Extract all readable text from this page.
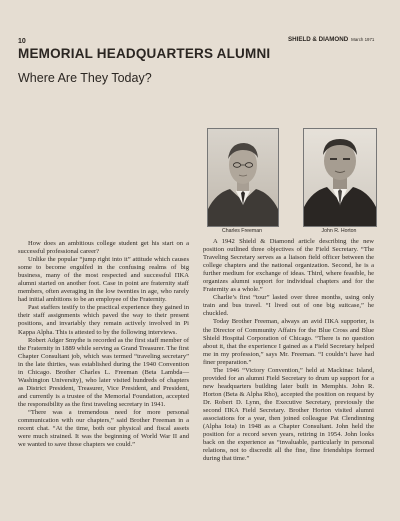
10	SHIELD & DIAMOND March 1971
MEMORIAL HEADQUARTERS ALUMNI
Where Are They Today?
Charles Freeman	John R. Horton

How does an ambitious college student get his start on a successful professional career?

Unlike the popular “jump right into it” attitude which causes some to become engulfed in the confusing realms of big business, many of the most respected and successful ΠKA alumni started on another foot. Case in point are fraternity staff members, often averaging in the low twenties in age, who rarely had initial ambitions to be an employee of the Fraternity.

Past staffers testify to the practical experience they gained in their staff assignments which paved the way to their present positions, and invariably they remain actively involved in Pi Kappa Alpha. This is attested to by the following interviews.

Robert Adger Smythe is recorded as the first staff member of the Fraternity in 1889 while serving as Grand Treasurer. The first Chapter Consultant job, which was termed “traveling secretary” in the late thirties, was established during the 1940 Convention in Chicago. Brother Charles L. Freeman (Beta Lambda—Washington University), who later visited hundreds of chapters as District President, Treasurer, Vice President, and President, and currently is a trustee of the Memorial Foundation, accepted the responsibility as the first traveling secretary in 1941.

“There was a tremendous need for more personal communication with our chapters,” said Brother Freeman in a recent chat. “At the time, both our physical and fiscal assets were much strained. It was the beginning of World War II and we wanted to save those chapters we could.”

A 1942 Shield & Diamond article describing the new position outlined three objectives of the Field Secretary. “The Traveling Secretary serves as a liaison field officer between the college chapters and the national organization. Second, he is a further medium for exchange of ideas. Third, where feasible, he organizes alumni support for individual chapters and for the Fraternity as a whole.”

Charlie’s first “tour” lasted over three months, using only train and bus travel. “I lived out of one big suitcase,” he chuckled.

Today Brother Freeman, always an avid ΠKA supporter, is the Director of Community Affairs for the Blue Cross and Blue Shield Hospital Corporation of Chicago. “There is no question about it, that the experience I gained as a Field Secretary helped me in my profession,” says Mr. Freeman. “I couldn’t have had finer preparation.”

The 1946 “Victory Convention,” held at Mackinac Island, provided for an alumni Field Secretary to drum up support for a new headquarters building later built in Memphis. John R. Horton (Beta & Alpha Rho), accepted the position on request by Dr. Robert D. Lynn, the Executive Secretary, previously the second ΠKA Field Secretary. Brother Horton visited alumni associations for a year, then joined colleague Pat Clendinning (Alpha Iota) in 1948 as a Chapter Consultant. John held the position for a record seven years, retiring in 1954. John looks back on the experience as “invaluable, particularly in personal relations, not to discredit all the fine, fine friendships formed during that time.”
